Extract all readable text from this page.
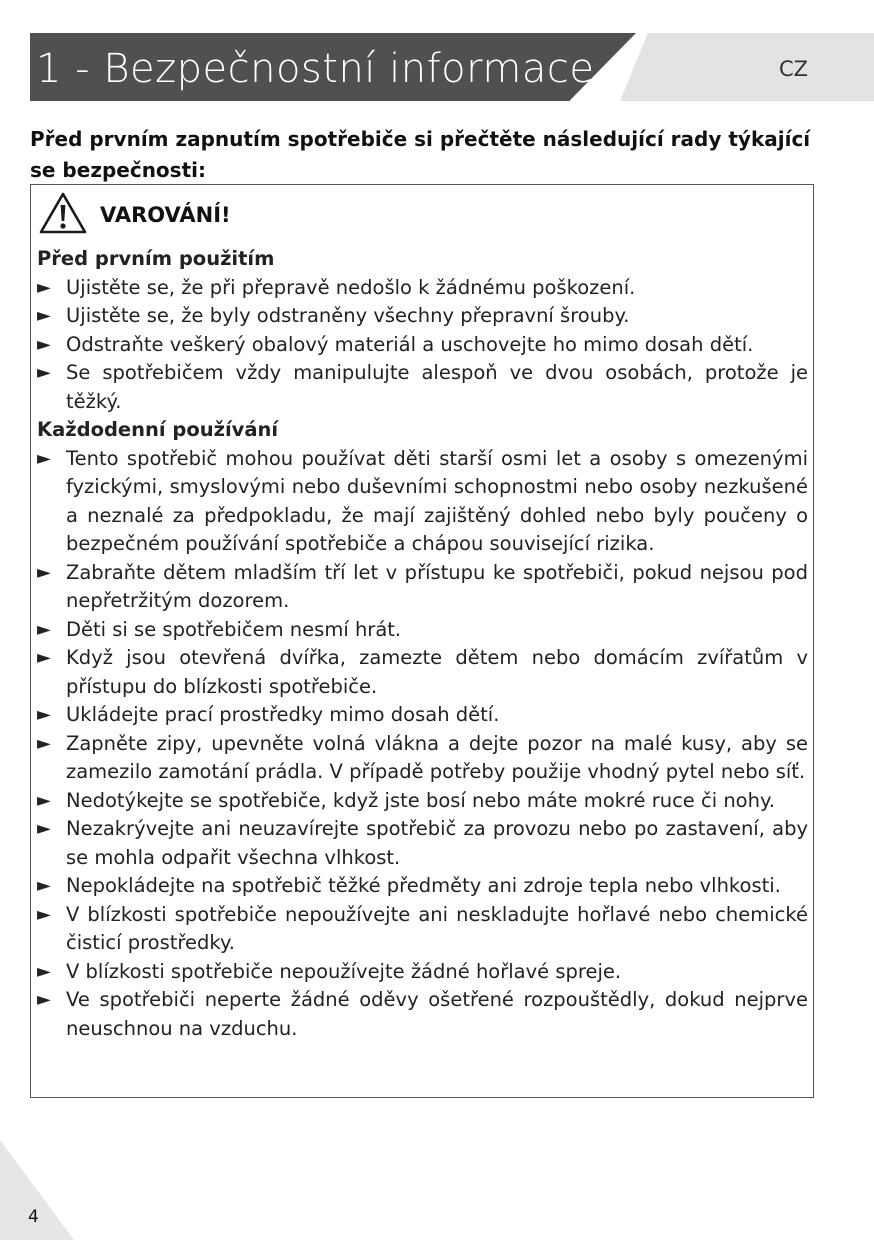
1 - Bezpečnostní informace	CZ
Před prvním zapnutím spotřebiče si přečtěte následující rady týkající se bezpečnosti:
VAROVÁNÍ!

Před prvním použitím

► Ujistěte se, že při přepravě nedošlo k žádnému poškození.
► Ujistěte se, že byly odstraněny všechny přepravní šrouby.
► Odstraňte veškerý obalový materiál a uschovejte ho mimo dosah dětí.
► Se spotřebičem vždy manipulujte alespoň ve dvou osobách, protože je těžký.

Každodenní používání

► Tento spotřebič mohou používat děti starší osmi let a osoby s omezenými fyzickými, smyslovými nebo duševními schopnostmi nebo osoby nezkušené a neznalé za předpokladu, že mají zajištěný dohled nebo byly poučeny o bezpečném používání spotřebiče a chápou související rizika.
► Zabraňte dětem mladším tří let v přístupu ke spotřebiči, pokud nejsou pod nepřetržitým dozorem.
► Děti si se spotřebičem nesmí hrát.
► Když jsou otevřená dvířka, zamezte dětem nebo domácím zvířatům v přístupu do blízkosti spotřebiče.
► Ukládejte prací prostředky mimo dosah dětí.
► Zapněte zipy, upevněte volná vlákna a dejte pozor na malé kusy, aby se zamezilo zamotání prádla. V případě potřeby použije vhodný pytel nebo síť.
► Nedotýkejte se spotřebiče, když jste bosí nebo máte mokré ruce či nohy.
► Nezakrývejte ani neuzavírejte spotřebič za provozu nebo po zastavení, aby se mohla odpařit všechna vlhkost.
► Nepokládejte na spotřebič těžké předměty ani zdroje tepla nebo vlhkosti.
► V blízkosti spotřebiče nepoužívejte ani neskladujte hořlavé nebo chemické čisticí prostředky.
► V blízkosti spotřebiče nepoužívejte žádné hořlavé spreje.
► Ve spotřebiči neperte žádné oděvy ošetřené rozpouštědly, dokud nejprve neuschnou na vzduchu.
4
